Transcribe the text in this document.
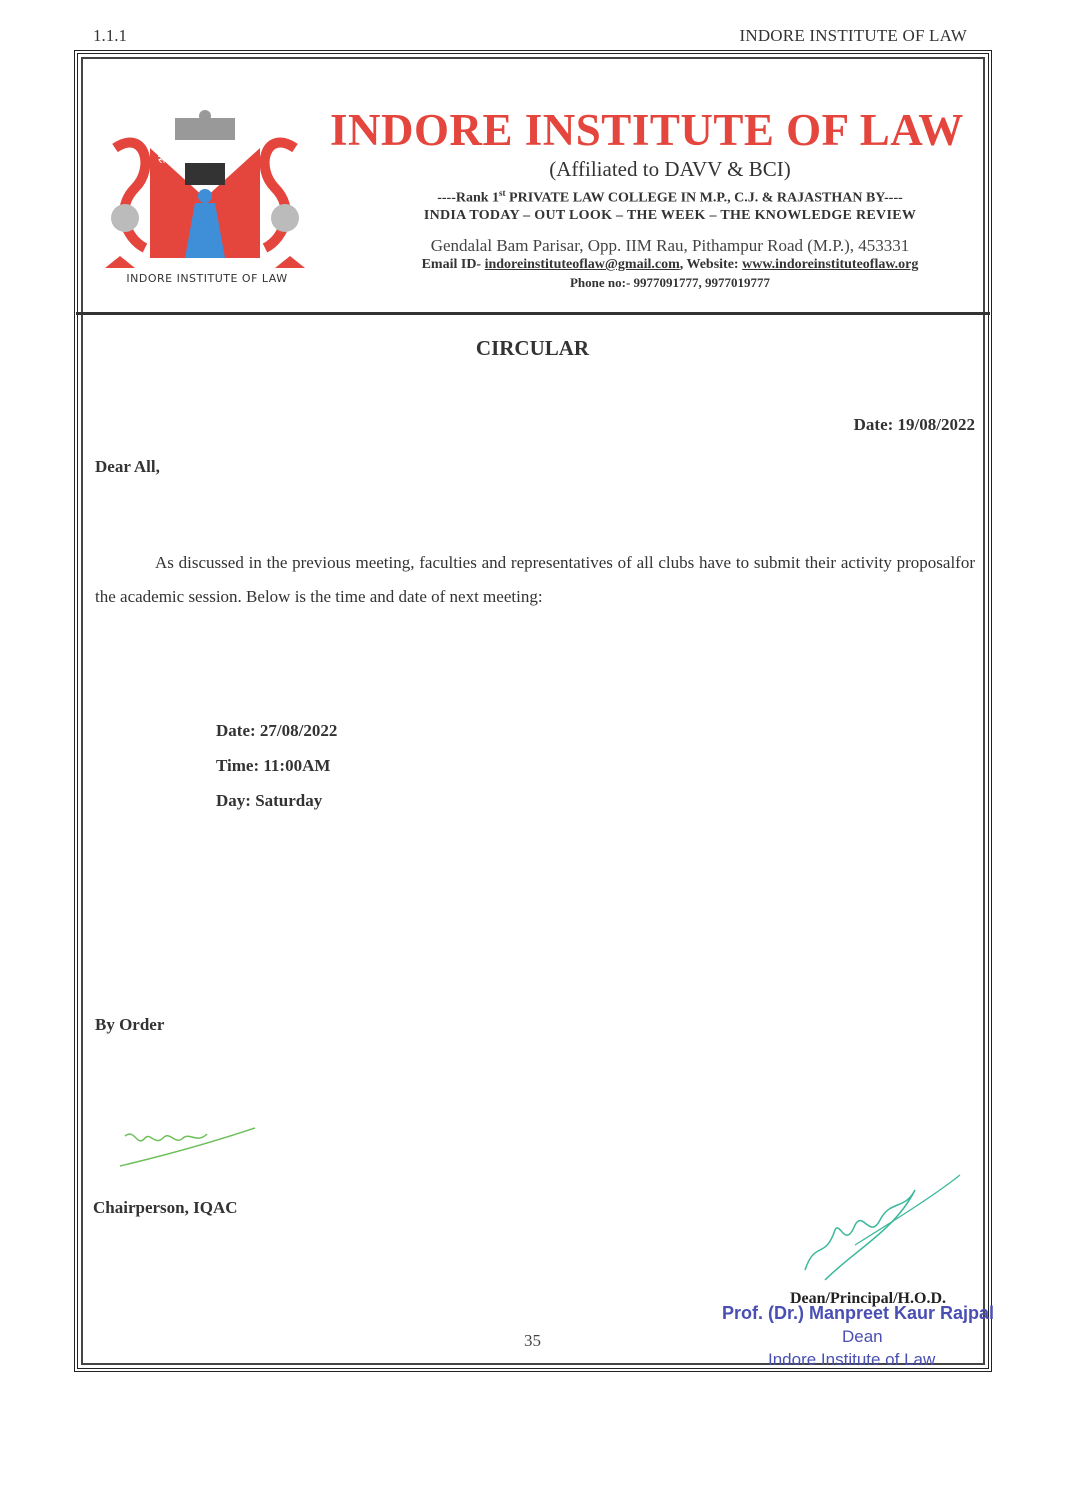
1.1.1	INDORE INSTITUTE OF LAW
सत्यमेव जयते
INDORE INSTITUTE OF LAW
INDORE INSTITUTE OF LAW
(Affiliated to DAVV & BCI)
----Rank 1st PRIVATE LAW COLLEGE IN M.P., C.J. & RAJASTHAN BY----
INDIA TODAY – OUT LOOK – THE WEEK – THE KNOWLEDGE REVIEW
Gendalal Bam Parisar, Opp. IIM Rau, Pithampur Road (M.P.), 453331
Email ID- indoreinstituteoflaw@gmail.com, Website: www.indoreinstituteoflaw.org
Phone no:- 9977091777, 9977019777
CIRCULAR
Date: 19/08/2022
Dear All,
As discussed in the previous meeting, faculties and representatives of all clubs have to submit their activity proposalfor the academic session. Below is the time and date of next meeting:
Date: 27/08/2022
Time: 11:00AM
Day: Saturday
By Order
Chairperson, IQAC
Dean/Principal/H.O.D.
Prof. (Dr.) Manpreet Kaur Rajpal
Dean
Indore Institute of Law
35
